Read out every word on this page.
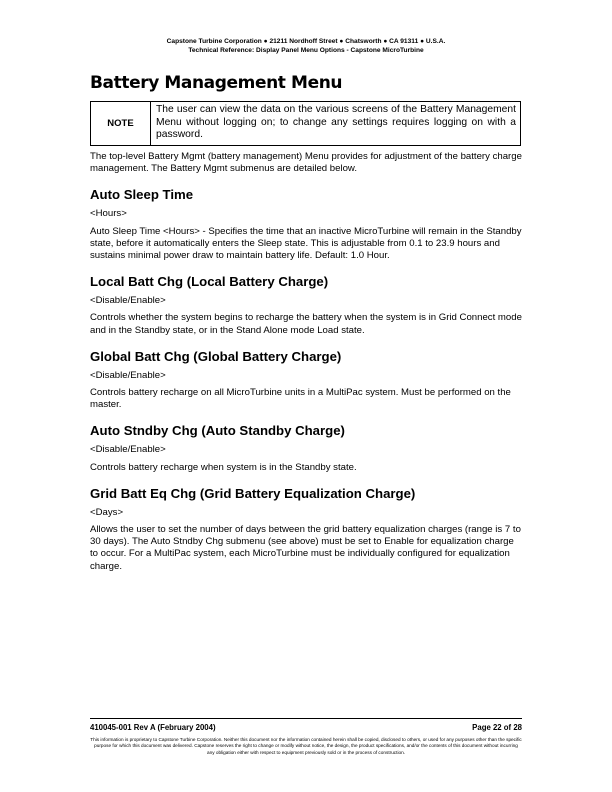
Capstone Turbine Corporation ● 21211 Nordhoff Street ● Chatsworth ● CA 91311 ● U.S.A.
Technical Reference: Display Panel Menu Options - Capstone MicroTurbine
Battery Management Menu
NOTE
The user can view the data on the various screens of the Battery Management Menu without logging on; to change any settings requires logging on with a password.

The top-level Battery Mgmt (battery management) Menu provides for adjustment of the battery charge management. The Battery Mgmt submenus are detailed below.

Auto Sleep Time

<Hours>

Auto Sleep Time <Hours> - Specifies the time that an inactive MicroTurbine will remain in the Standby state, before it automatically enters the Sleep state. This is adjustable from 0.1 to 23.9 hours and sustains minimal power draw to maintain battery life. Default: 1.0 Hour.

Local Batt Chg (Local Battery Charge)

<Disable/Enable>

Controls whether the system begins to recharge the battery when the system is in Grid Connect mode and in the Standby state, or in the Stand Alone mode Load state.

Global Batt Chg (Global Battery Charge)

<Disable/Enable>

Controls battery recharge on all MicroTurbine units in a MultiPac system. Must be performed on the master.

Auto Stndby Chg (Auto Standby Charge)

<Disable/Enable>

Controls battery recharge when system is in the Standby state.

Grid Batt Eq Chg (Grid Battery Equalization Charge)

<Days>

Allows the user to set the number of days between the grid battery equalization charges (range is 7 to 30 days). The Auto Stndby Chg submenu (see above) must be set to Enable for equalization charge to occur. For a MultiPac system, each MicroTurbine must be individually configured for equalization charge.

410045-001 Rev A (February 2004)	Page 22 of 28
This information is proprietary to Capstone Turbine Corporation. Neither this document nor the information contained herein shall be copied, disclosed to others, or used for any purposes other than the specific purpose for which this document was delivered. Capstone reserves the right to change or modify without notice, the design, the product specifications, and/or the contents of this document without incurring any obligation either with respect to equipment previously sold or in the process of construction.
